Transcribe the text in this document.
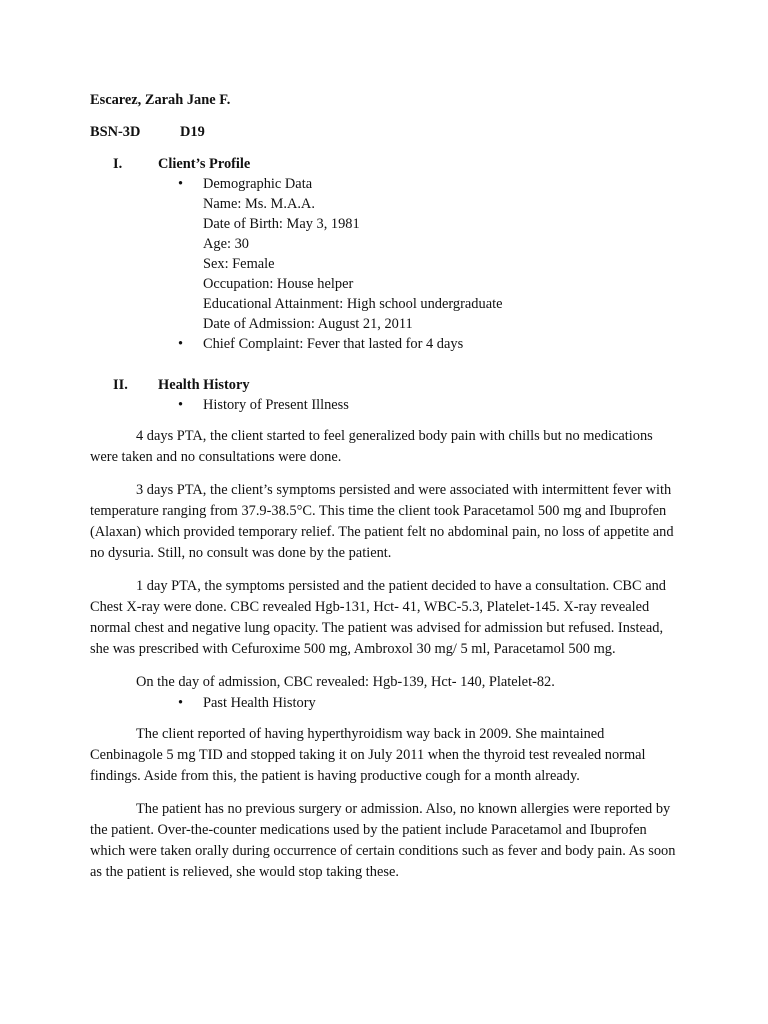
Escarez, Zarah Jane F.
BSN-3D	D19
I.	Client’s Profile
• Demographic Data
Name: Ms. M.A.A.
Date of Birth: May 3, 1981
Age: 30
Sex: Female
Occupation: House helper
Educational Attainment: High school undergraduate
Date of Admission: August 21, 2011
• Chief Complaint: Fever that lasted for 4 days
II.	Health History
• History of Present Illness

4 days PTA, the client started to feel generalized body pain with chills but no medications were taken and no consultations were done.

3 days PTA, the client’s symptoms persisted and were associated with intermittent fever with temperature ranging from 37.9-38.5°C. This time the client took Paracetamol 500 mg and Ibuprofen (Alaxan) which provided temporary relief. The patient felt no abdominal pain, no loss of appetite and no dysuria. Still, no consult was done by the patient.

1 day PTA, the symptoms persisted and the patient decided to have a consultation. CBC and Chest X-ray were done. CBC revealed Hgb-131, Hct- 41, WBC-5.3, Platelet-145. X-ray revealed normal chest and negative lung opacity. The patient was advised for admission but refused. Instead, she was prescribed with Cefuroxime 500 mg, Ambroxol 30 mg/ 5 ml, Paracetamol 500 mg.

On the day of admission, CBC revealed: Hgb-139, Hct- 140, Platelet-82.

• Past Health History

The client reported of having hyperthyroidism way back in 2009. She maintained Cenbinagole 5 mg TID and stopped taking it on July 2011 when the thyroid test revealed normal findings. Aside from this, the patient is having productive cough for a month already.

The patient has no previous surgery or admission. Also, no known allergies were reported by the patient. Over-the-counter medications used by the patient include Paracetamol and Ibuprofen which were taken orally during occurrence of certain conditions such as fever and body pain. As soon as the patient is relieved, she would stop taking these.
